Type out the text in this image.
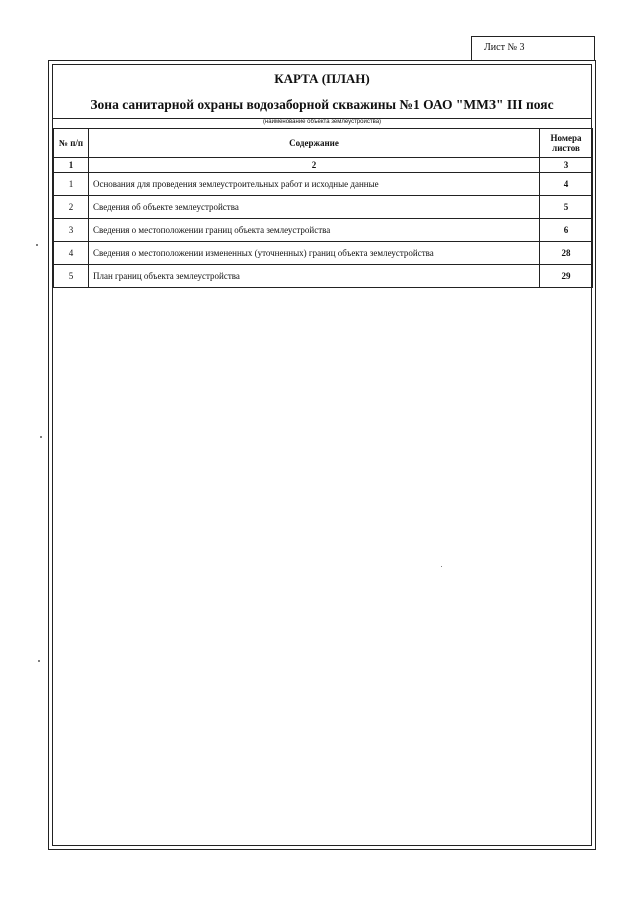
Лист № 3
КАРТА (ПЛАН)
Зона санитарной охраны водозаборной скважины №1 ОАО "ММЗ" III пояс
(наименование объекта землеустройства)
№ п/п	Содержание	Номера листов
1	2	3
1	Основания для проведения землеустроительных работ и исходные данные	4
2	Сведения об объекте землеустройства	5
3	Сведения о местоположении границ объекта землеустройства	6
4	Сведения о местоположении измененных (уточненных) границ объекта землеустройства	28
5	План границ объекта землеустройства	29
